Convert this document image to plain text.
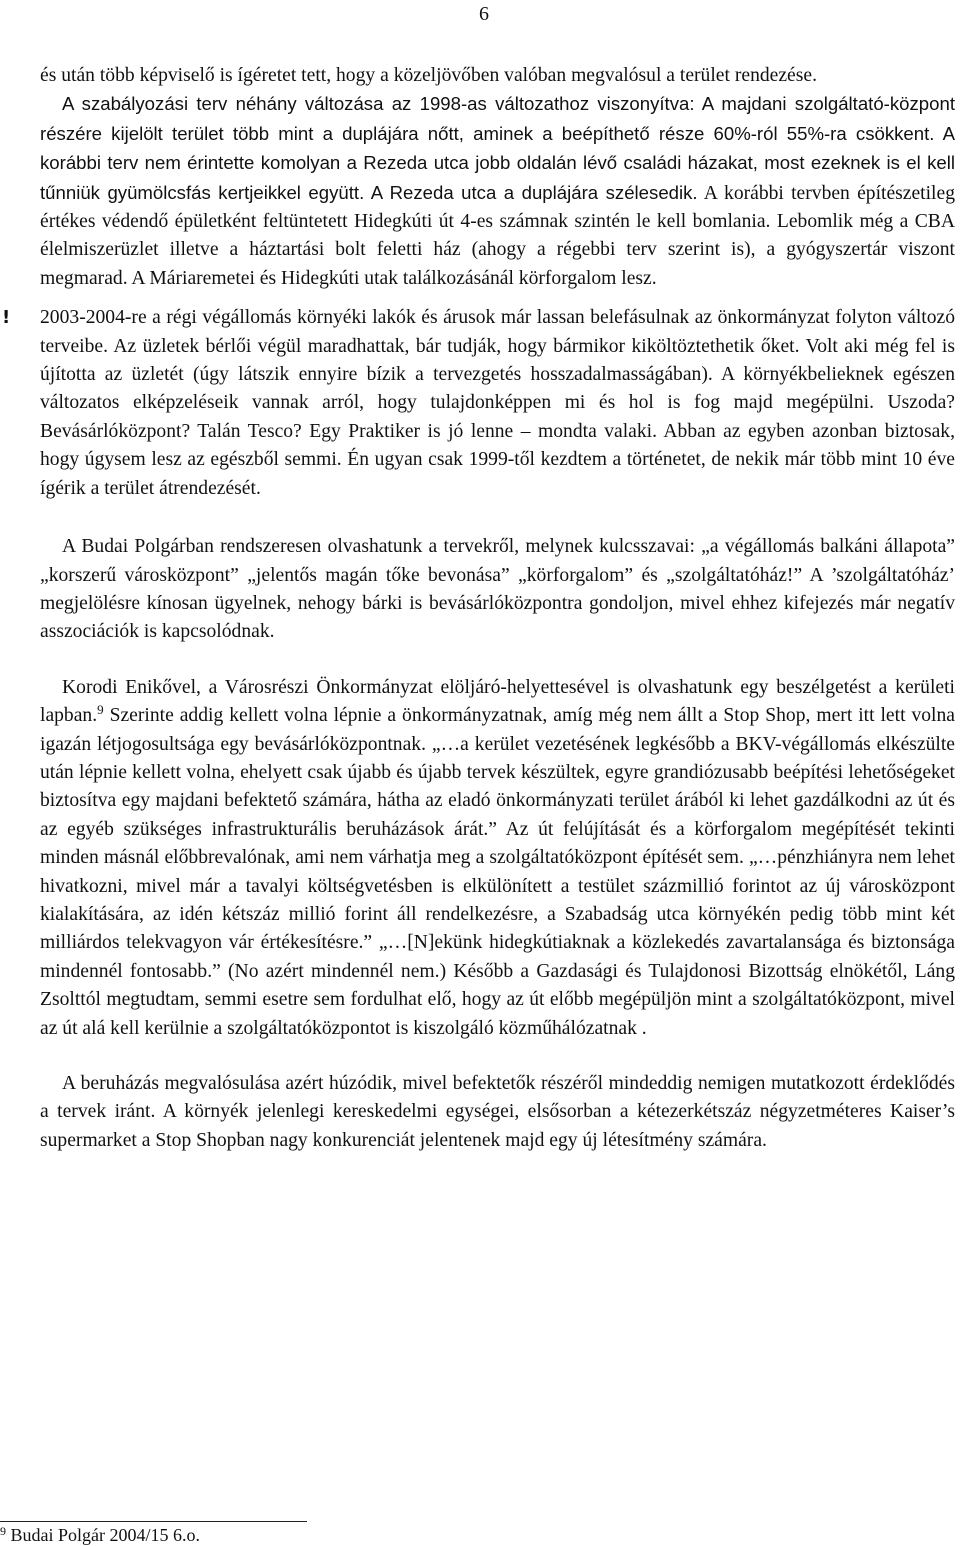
6

és után több képviselő is ígéretet tett, hogy a közeljövőben valóban megvalósul a terület rendezése.

A szabályozási terv néhány változása az 1998-as változathoz viszonyítva: A majdani szolgáltató-központ részére kijelölt terület több mint a duplájára nőtt, aminek a beépíthető része 60%-ról 55%-ra csökkent. A korábbi terv nem érintette komolyan a Rezeda utca jobb oldalán lévő családi házakat, most ezeknek is el kell tűnniük gyümölcsfás kertjeikkel együtt. A Rezeda utca a duplájára szélesedik. A korábbi tervben építészetileg értékes védendő épületként feltüntetett Hidegkúti út 4-es számnak szintén le kell bomlania. Lebomlik még a CBA élelmiszerüzlet illetve a háztartási bolt feletti ház (ahogy a régebbi terv szerint is), a gyógyszertár viszont megmarad. A Máriaremetei és Hidegkúti utak találkozásánál körforgalom lesz.

! 2003-2004-re a régi végállomás környéki lakók és árusok már lassan belefásulnak az önkormányzat folyton változó terveibe. Az üzletek bérlői végül maradhattak, bár tudják, hogy bármikor kiköltöztethetik őket. Volt aki még fel is újította az üzletét (úgy látszik ennyire bízik a tervezgetés hosszadalmasságában). A környékbelieknek egészen változatos elképzeléseik vannak arról, hogy tulajdonképpen mi és hol is fog majd megépülni. Uszoda? Bevásárlóközpont? Talán Tesco? Egy Praktiker is jó lenne – mondta valaki. Abban az egyben azonban biztosak, hogy úgysem lesz az egészből semmi. Én ugyan csak 1999-től kezdtem a történetet, de nekik már több mint 10 éve ígérik a terület átrendezését.

A Budai Polgárban rendszeresen olvashatunk a tervekről, melynek kulcsszavai: „a végállomás balkáni állapota” „korszerű városközpont” „jelentős magán tőke bevonása” „körforgalom” és „szolgáltatóház!” A ’szolgáltatóház’ megjelölésre kínosan ügyelnek, nehogy bárki is bevásárlóközpontra gondoljon, mivel ehhez kifejezés már negatív asszociációk is kapcsolódnak.

Korodi Enikővel, a Városrészi Önkormányzat elöljáró-helyettesével is olvashatunk egy beszélgetést a kerületi lapban.$^9$ Szerinte addig kellett volna lépnie a önkormányzatnak, amíg még nem állt a Stop Shop, mert itt lett volna igazán létjogosultsága egy bevásárlóközpontnak. „…a kerület vezetésének legkésőbb a BKV-végállomás elkészülte után lépnie kellett volna, ehelyett csak újabb és újabb tervek készültek, egyre grandiózusabb beépítési lehetőségeket biztosítva egy majdani befektető számára, hátha az eladó önkormányzati terület árából ki lehet gazdálkodni az út és az egyéb szükséges infrastrukturális beruházások árát.” Az út felújítását és a körforgalom megépítését tekinti minden másnál előbbrevalónak, ami nem várhatja meg a szolgáltatóközpont építését sem. „…pénzhiányra nem lehet hivatkozni, mivel már a tavalyi költségvetésben is elkülönített a testület százmillió forintot az új városközpont kialakítására, az idén kétszáz millió forint áll rendelkezésre, a Szabadság utca környékén pedig több mint két milliárdos telekvagyon vár értékesítésre.” „…[N]ekünk hidegkútiaknak a közlekedés zavartalansága és biztonsága mindennél fontosabb.” (No azért mindennél nem.) Később a Gazdasági és Tulajdonosi Bizottság elnökétől, Láng Zsolttól megtudtam, semmi esetre sem fordulhat elő, hogy az út előbb megépüljön mint a szolgáltatóközpont, mivel az út alá kell kerülnie a szolgáltatóközpontot is kiszolgáló közműhálózatnak .

A beruházás megvalósulása azért húzódik, mivel befektetők részéről mindeddig nemigen mutatkozott érdeklődés a tervek iránt. A környék jelenlegi kereskedelmi egységei, elsősorban a kétezerkétszáz négyzetméteres Kaiser’s supermarket a Stop Shopban nagy konkurenciát jelentenek majd egy új létesítmény számára.

$^9$ Budai Polgár 2004/15 6.o.
